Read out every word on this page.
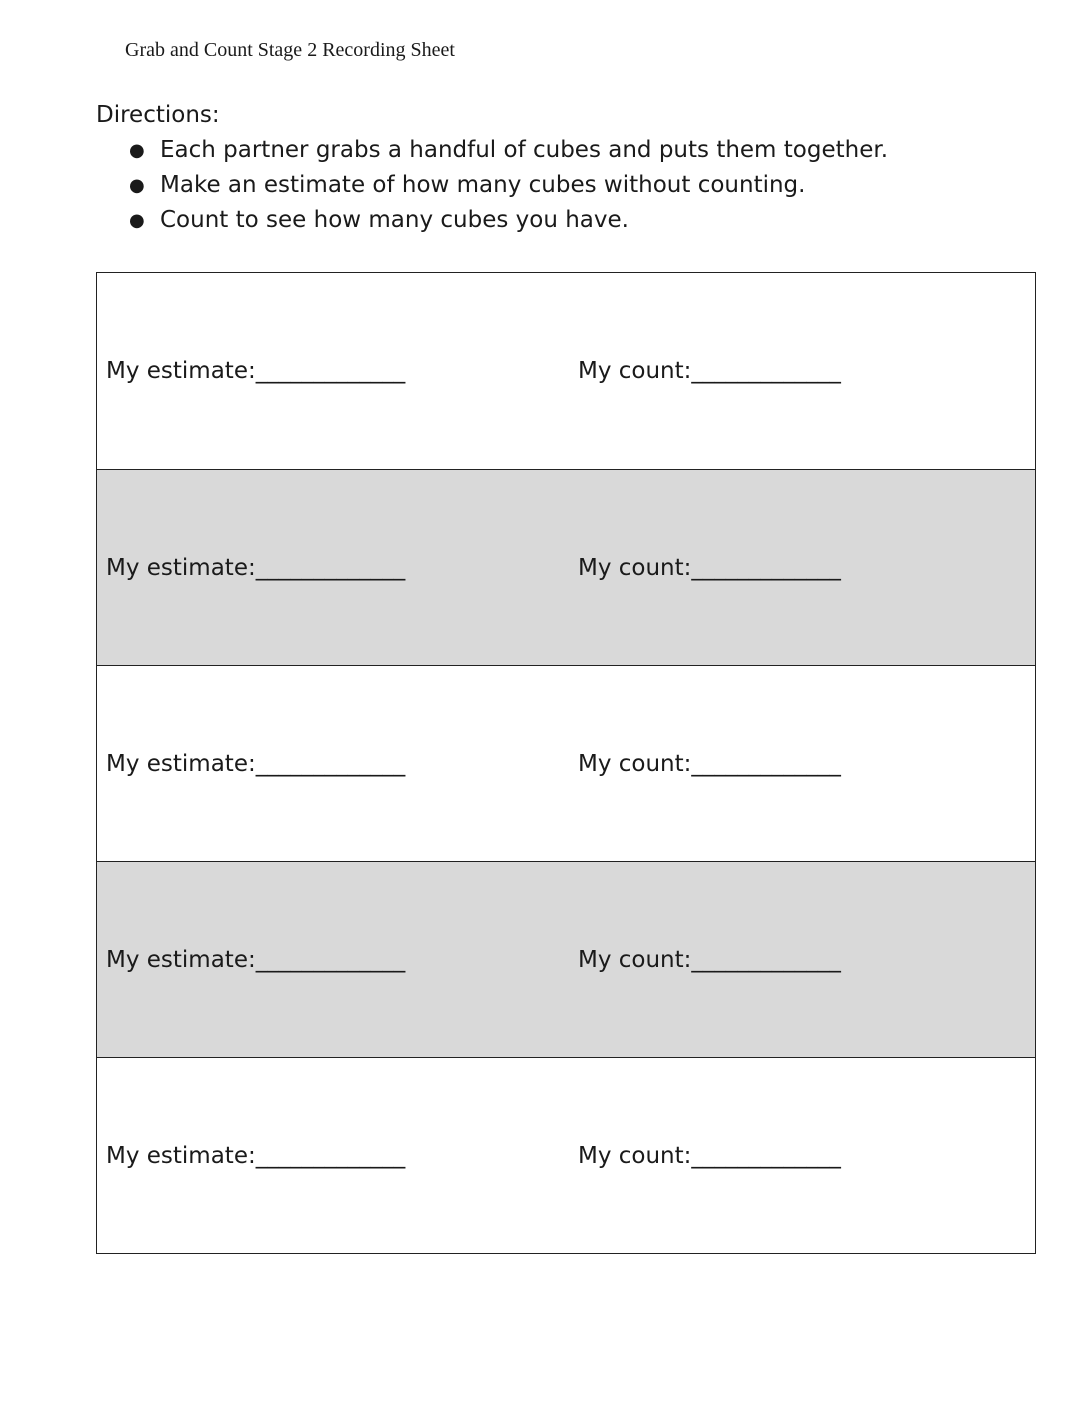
Grab and Count Stage 2 Recording Sheet
Directions:
● Each partner grabs a handful of cubes and puts them together.
● Make an estimate of how many cubes without counting.
● Count to see how many cubes you have.
My estimate:_____________	My count:_____________
My estimate:_____________	My count:_____________
My estimate:_____________	My count:_____________
My estimate:_____________	My count:_____________
My estimate:_____________	My count:_____________
